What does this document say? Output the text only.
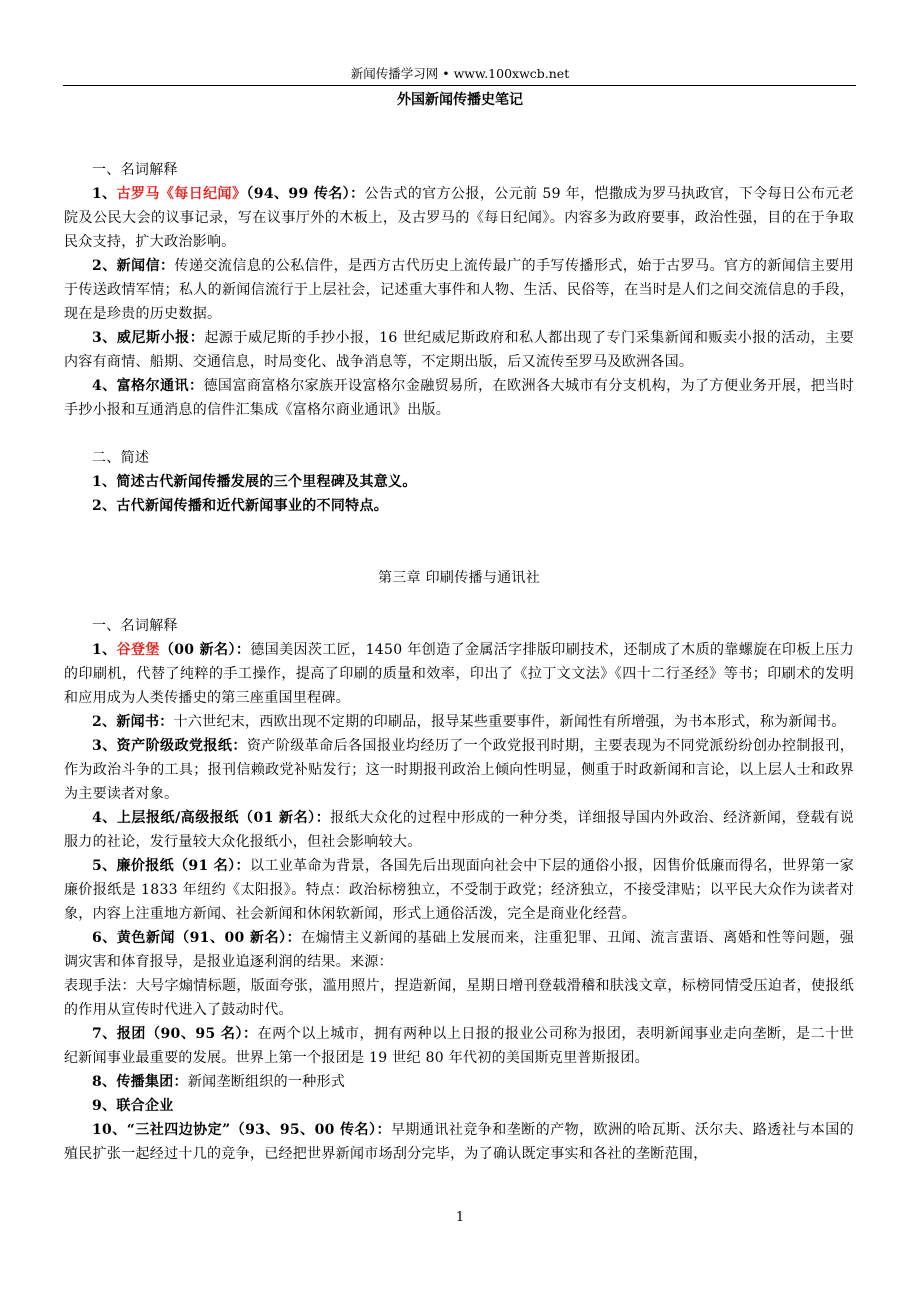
新闻传播学习网 • www.100xwcb.net
外国新闻传播史笔记

一、名词解释

1、古罗马《每日纪闻》（94、99 传名）：公告式的官方公报，公元前 59 年，恺撒成为罗马执政官，下令每日公布元老院及公民大会的议事记录，写在议事厅外的木板上，及古罗马的《每日纪闻》。内容多为政府要事，政治性强，目的在于争取民众支持，扩大政治影响。

2、新闻信：传递交流信息的公私信件，是西方古代历史上流传最广的手写传播形式，始于古罗马。官方的新闻信主要用于传送政情军情；私人的新闻信流行于上层社会，记述重大事件和人物、生活、民俗等，在当时是人们之间交流信息的手段，现在是珍贵的历史数据。

3、威尼斯小报：起源于威尼斯的手抄小报，16 世纪威尼斯政府和私人都出现了专门采集新闻和贩卖小报的活动，主要内容有商情、船期、交通信息，时局变化、战争消息等，不定期出版，后又流传至罗马及欧洲各国。

4、富格尔通讯：德国富商富格尔家族开设富格尔金融贸易所，在欧洲各大城市有分支机构，为了方便业务开展，把当时手抄小报和互通消息的信件汇集成《富格尔商业通讯》出版。

二、简述

1、简述古代新闻传播发展的三个里程碑及其意义。

2、古代新闻传播和近代新闻事业的不同特点。

第三章 印刷传播与通讯社

一、名词解释

1、谷登堡（00 新名）：德国美因茨工匠，1450 年创造了金属活字排版印刷技术，还制成了木质的靠螺旋在印板上压力的印刷机，代替了纯粹的手工操作，提高了印刷的质量和效率，印出了《拉丁文文法》《四十二行圣经》等书；印刷术的发明和应用成为人类传播史的第三座重国里程碑。

2、新闻书：十六世纪末，西欧出现不定期的印刷品，报导某些重要事件，新闻性有所增强，为书本形式，称为新闻书。

3、资产阶级政党报纸：资产阶级革命后各国报业均经历了一个政党报刊时期，主要表现为不同党派纷纷创办控制报刊，作为政治斗争的工具；报刊信赖政党补贴发行；这一时期报刊政治上倾向性明显，侧重于时政新闻和言论，以上层人士和政界为主要读者对象。

4、上层报纸/高级报纸（01 新名）：报纸大众化的过程中形成的一种分类，详细报导国内外政治、经济新闻，登载有说服力的社论，发行量较大众化报纸小，但社会影响较大。

5、廉价报纸（91 名）：以工业革命为背景，各国先后出现面向社会中下层的通俗小报，因售价低廉而得名，世界第一家廉价报纸是 1833 年纽约《太阳报》。特点：政治标榜独立，不受制于政党；经济独立，不接受津贴；以平民大众作为读者对象，内容上注重地方新闻、社会新闻和休闲软新闻，形式上通俗活泼，完全是商业化经营。

6、黄色新闻（91、00 新名）：在煽情主义新闻的基础上发展而来，注重犯罪、丑闻、流言蜚语、离婚和性等问题，强调灾害和体育报导，是报业追逐利润的结果。来源：

表现手法：大号字煽情标题，版面夸张，滥用照片，捏造新闻，星期日增刊登载滑稽和肤浅文章，标榜同情受压迫者，使报纸的作用从宣传时代进入了鼓动时代。

7、报团（90、95 名）：在两个以上城市，拥有两种以上日报的报业公司称为报团，表明新闻事业走向垄断，是二十世纪新闻事业最重要的发展。世界上第一个报团是 19 世纪 80 年代初的美国斯克里普斯报团。

8、传播集团：新闻垄断组织的一种形式

9、联合企业

10、“三社四边协定”（93、95、00 传名）：早期通讯社竞争和垄断的产物，欧洲的哈瓦斯、沃尔夫、路透社与本国的殖民扩张一起经过十几的竞争，已经把世界新闻市场刮分完毕，为了确认既定事实和各社的垄断范围，

1
